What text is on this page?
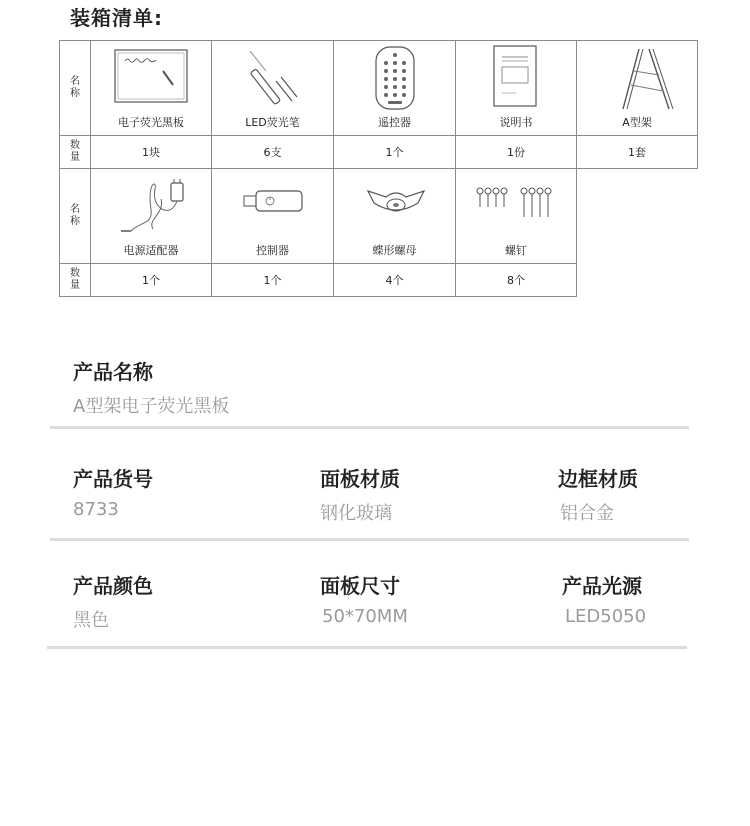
装箱清单:
名
称
电子荧光黑板	LED荧光笔	遥控器	说明书	A型架
数
量	1块	6支	1个	1份	1套
名
称
电源适配器	控制器	蝶形螺母	螺钉
数
量	1个	1个	4个	8个
产品名称
A型架电子荧光黑板
产品货号
8733
面板材质
钢化玻璃
边框材质
铝合金
产品颜色
黑色
面板尺寸
50*70MM
产品光源
LED5050
